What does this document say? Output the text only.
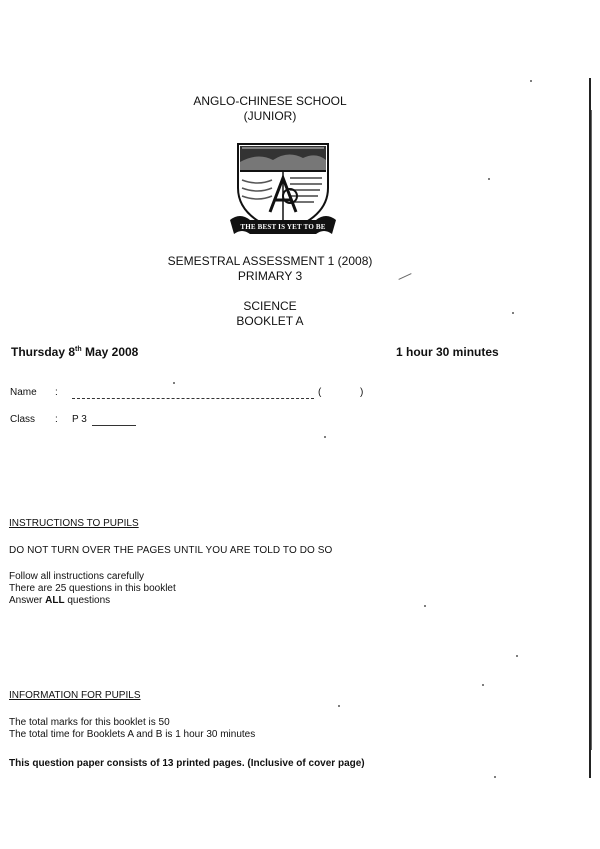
ANGLO-CHINESE SCHOOL
(JUNIOR)
THE BEST IS YET TO BE
SEMESTRAL ASSESSMENT 1 (2008)
PRIMARY 3
SCIENCE
BOOKLET A
Thursday 8th May 2008	1 hour 30 minutes
Name :	(	)
Class : P 3
INSTRUCTIONS TO PUPILS
DO NOT TURN OVER THE PAGES UNTIL YOU ARE TOLD TO DO SO
Follow all instructions carefully
There are 25 questions in this booklet
Answer ALL questions
INFORMATION FOR PUPILS
The total marks for this booklet is 50
The total time for Booklets A and B is 1 hour 30 minutes
This question paper consists of 13 printed pages. (Inclusive of cover page)
